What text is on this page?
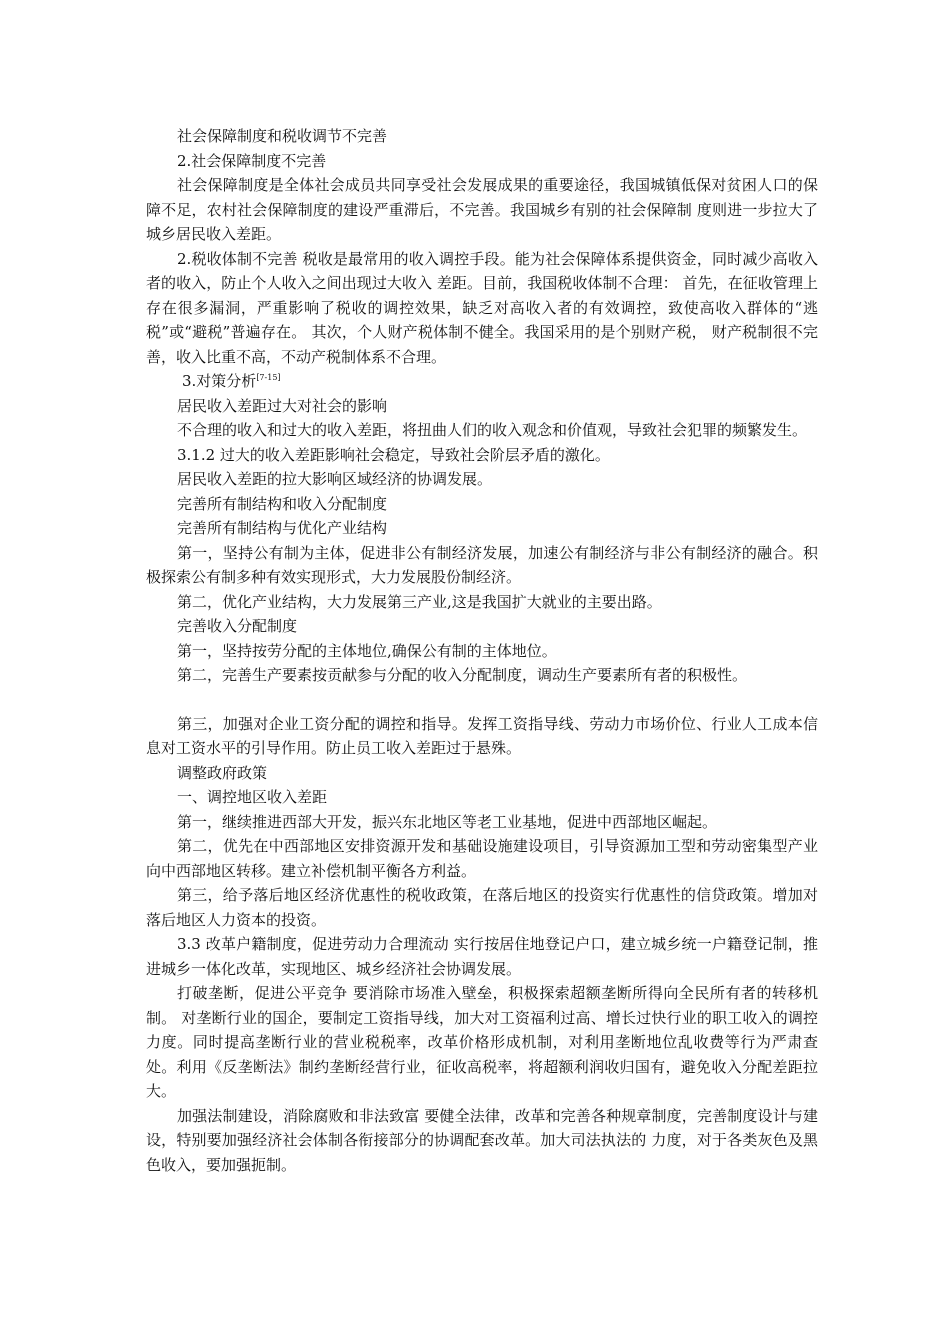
社会保障制度和税收调节不完善

2.社会保障制度不完善

社会保障制度是全体社会成员共同享受社会发展成果的重要途径，我国城镇低保对贫困人口的保障不足，农村社会保障制度的建设严重滞后，不完善。我国城乡有别的社会保障制 度则进一步拉大了城乡居民收入差距。

2.税收体制不完善 税收是最常用的收入调控手段。能为社会保障体系提供资金，同时减少高收入者的收入，防止个人收入之间出现过大收入 差距。目前，我国税收体制不合理： 首先，在征收管理上存在很多漏洞，严重影响了税收的调控效果，缺乏对高收入者的有效调控，致使高收入群体的“逃税”或“避税”普遍存在。 其次，个人财产税体制不健全。我国采用的是个别财产税， 财产税制很不完善，收入比重不高，不动产税制体系不合理。

3.对策分析[7-15]

居民收入差距过大对社会的影响

不合理的收入和过大的收入差距，将扭曲人们的收入观念和价值观，导致社会犯罪的频繁发生。

3.1.2 过大的收入差距影响社会稳定，导致社会阶层矛盾的激化。

居民收入差距的拉大影响区域经济的协调发展。

完善所有制结构和收入分配制度

完善所有制结构与优化产业结构

第一，坚持公有制为主体，促进非公有制经济发展，加速公有制经济与非公有制经济的融合。积极探索公有制多种有效实现形式，大力发展股份制经济。

第二，优化产业结构，大力发展第三产业,这是我国扩大就业的主要出路。

完善收入分配制度

第一，坚持按劳分配的主体地位,确保公有制的主体地位。

第二，完善生产要素按贡献参与分配的收入分配制度，调动生产要素所有者的积极性。

第三，加强对企业工资分配的调控和指导。发挥工资指导线、劳动力市场价位、行业人工成本信息对工资水平的引导作用。防止员工收入差距过于悬殊。

调整政府政策

一、调控地区收入差距

第一，继续推进西部大开发，振兴东北地区等老工业基地，促进中西部地区崛起。

第二，优先在中西部地区安排资源开发和基础设施建设项目，引导资源加工型和劳动密集型产业向中西部地区转移。建立补偿机制平衡各方利益。

第三，给予落后地区经济优惠性的税收政策，在落后地区的投资实行优惠性的信贷政策。增加对落后地区人力资本的投资。

3.3 改革户籍制度，促进劳动力合理流动 实行按居住地登记户口，建立城乡统一户籍登记制，推进城乡一体化改革，实现地区、城乡经济社会协调发展。

打破垄断，促进公平竞争 要消除市场准入壁垒，积极探索超额垄断所得向全民所有者的转移机制。 对垄断行业的国企，要制定工资指导线，加大对工资福利过高、增长过快行业的职工收入的调控力度。同时提高垄断行业的营业税税率，改革价格形成机制，对利用垄断地位乱收费等行为严肃查处。利用《反垄断法》制约垄断经营行业，征收高税率，将超额利润收归国有，避免收入分配差距拉大。

加强法制建设，消除腐败和非法致富 要健全法律，改革和完善各种规章制度，完善制度设计与建设，特别要加强经济社会体制各衔接部分的协调配套改革。加大司法执法的 力度，对于各类灰色及黑色收入，要加强扼制。
